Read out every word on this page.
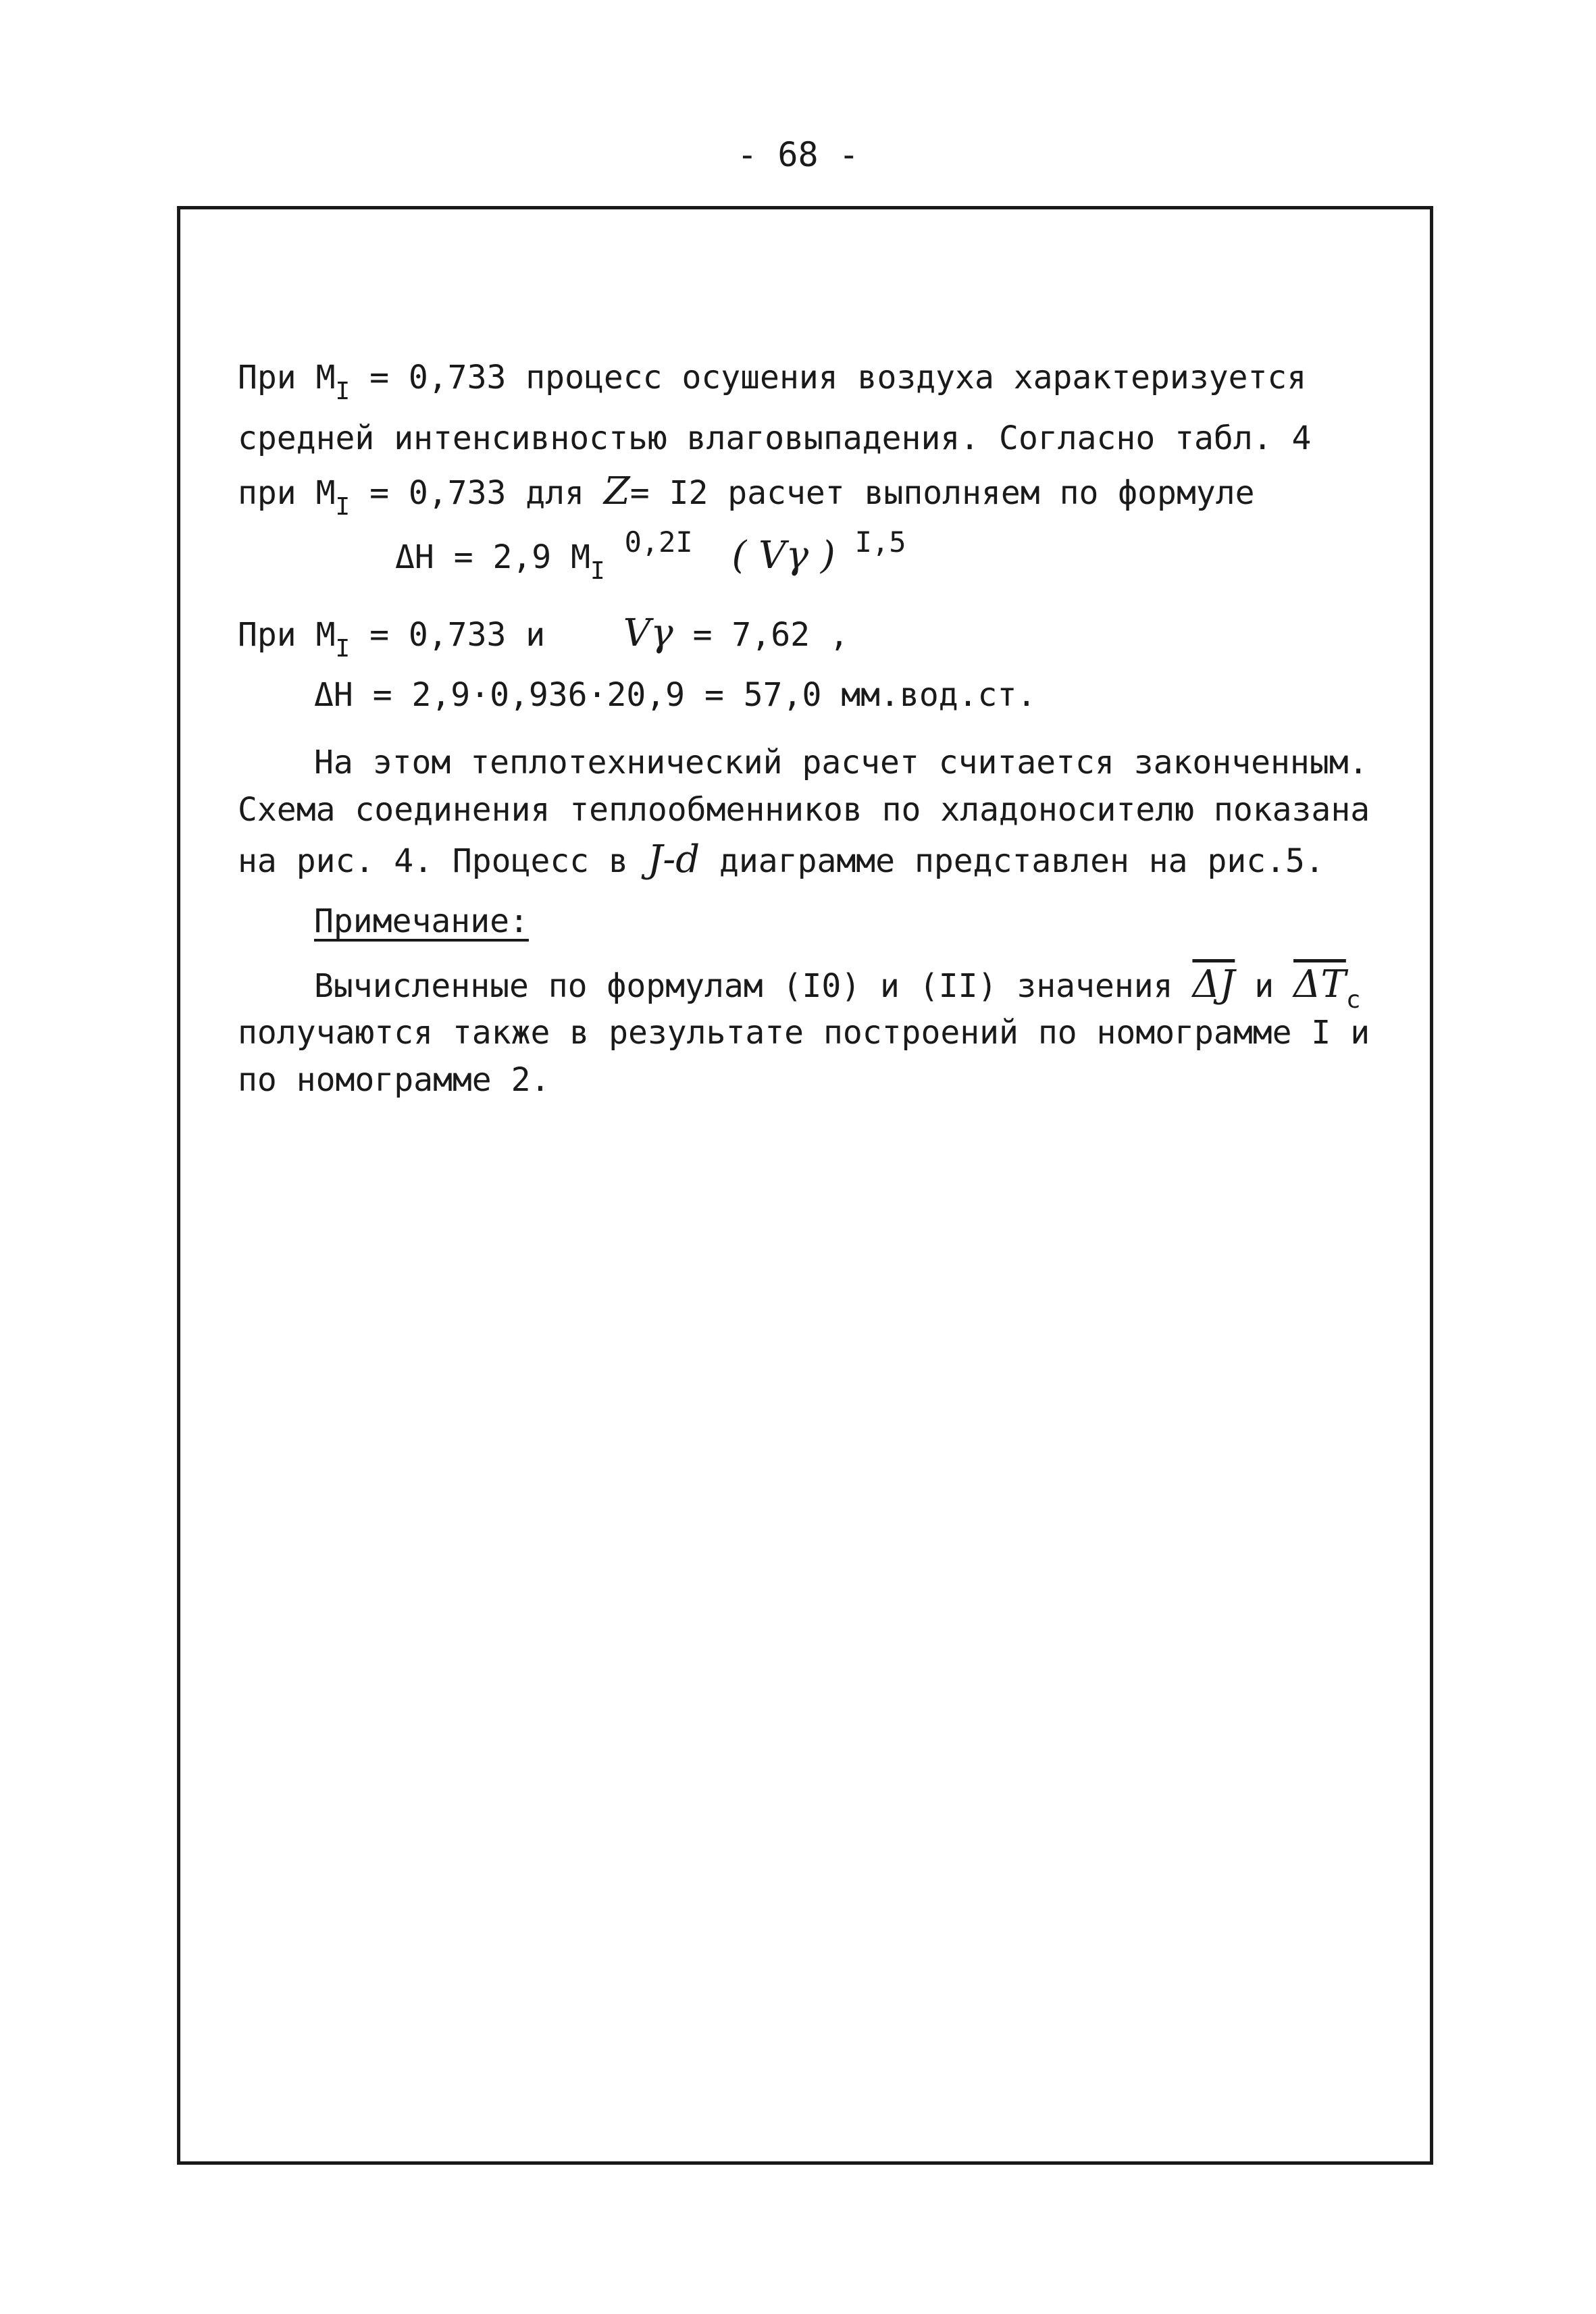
- 68 -
При $М_I = 0,733$ процесс осушения воздуха характеризуется
средней интенсивностью влаговыпадения. Согласно табл. 4
при $М_I = 0,733$ для Z= I2 расчет выполняем по формуле
ΔH = 2,9 $М_I$ 0,2I ( Vγ ) I,5
При $М_I = 0,733$ и    Vγ = 7,62 ,
ΔH = 2,9·0,936·20,9 = 57,0 мм.вод.ст.
На этом теплотехнический расчет считается законченным.
Схема соединения теплообменников по хладоносителю показана
на рис. 4. Процесс в J-d диаграмме представлен на рис.5.
Примечание:
Вычисленные по формулам (I0) и (II) значения $\overline{\Delta J}$ и $\overline{\Delta T}_c$
получаются также в результате построений по номограмме I и
по номограмме 2.
